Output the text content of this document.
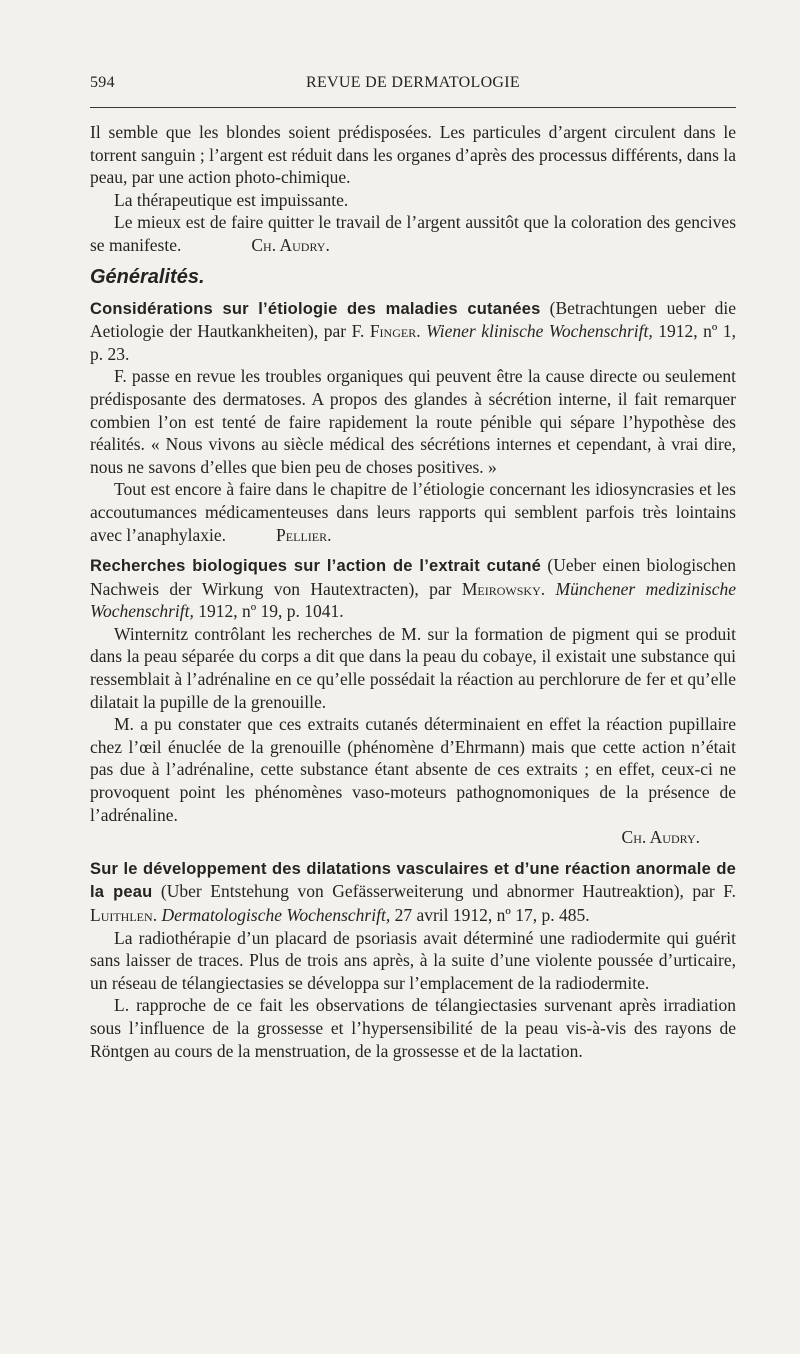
594	REVUE DE DERMATOLOGIE

Il semble que les blondes soient prédisposées. Les particules d’argent circulent dans le torrent sanguin ; l’argent est réduit dans les organes d’après des processus différents, dans la peau, par une action photo-chimique.

La thérapeutique est impuissante.

Le mieux est de faire quitter le travail de l’argent aussitôt que la coloration des gencives se manifeste.	Ch. Audry.

Généralités.

Considérations sur l’étiologie des maladies cutanées (Betrachtungen ueber die Aetiologie der Hautkankheiten), par F. Finger. Wiener klinische Wochenschrift, 1912, nº 1, p. 23.

F. passe en revue les troubles organiques qui peuvent être la cause directe ou seulement prédisposante des dermatoses. A propos des glandes à sécrétion interne, il fait remarquer combien l’on est tenté de faire rapidement la route pénible qui sépare l’hypothèse des réalités. « Nous vivons au siècle médical des sécrétions internes et cependant, à vrai dire, nous ne savons d’elles que bien peu de choses positives. »

Tout est encore à faire dans le chapitre de l’étiologie concernant les idiosyncrasies et les accoutumances médicamenteuses dans leurs rapports qui semblent parfois très lointains avec l’anaphylaxie.	Pellier.

Recherches biologiques sur l’action de l’extrait cutané (Ueber einen biologischen Nachweis der Wirkung von Hautextracten), par Meirowsky. Münchener medizinische Wochenschrift, 1912, nº 19, p. 1041.

Winternitz contrôlant les recherches de M. sur la formation de pigment qui se produit dans la peau séparée du corps a dit que dans la peau du cobaye, il existait une substance qui ressemblait à l’adrénaline en ce qu’elle possédait la réaction au perchlorure de fer et qu’elle dilatait la pupille de la grenouille.

M. a pu constater que ces extraits cutanés déterminaient en effet la réaction pupillaire chez l’œil énuclée de la grenouille (phénomène d’Ehrmann) mais que cette action n’était pas due à l’adrénaline, cette substance étant absente de ces extraits ; en effet, ceux-ci ne provoquent point les phénomènes vaso-moteurs pathognomoniques de la présence de l’adrénaline.

Ch. Audry.

Sur le développement des dilatations vasculaires et d’une réaction anormale de la peau (Uber Entstehung von Gefässerweiterung und abnormer Hautreaktion), par F. Luithlen. Dermatologische Wochenschrift, 27 avril 1912, nº 17, p. 485.

La radiothérapie d’un placard de psoriasis avait déterminé une radiodermite qui guérit sans laisser de traces. Plus de trois ans après, à la suite d’une violente poussée d’urticaire, un réseau de télangiectasies se développa sur l’emplacement de la radiodermite.

L. rapproche de ce fait les observations de télangiectasies survenant après irradiation sous l’influence de la grossesse et l’hypersensibilité de la peau vis-à-vis des rayons de Röntgen au cours de la menstruation, de la grossesse et de la lactation.
